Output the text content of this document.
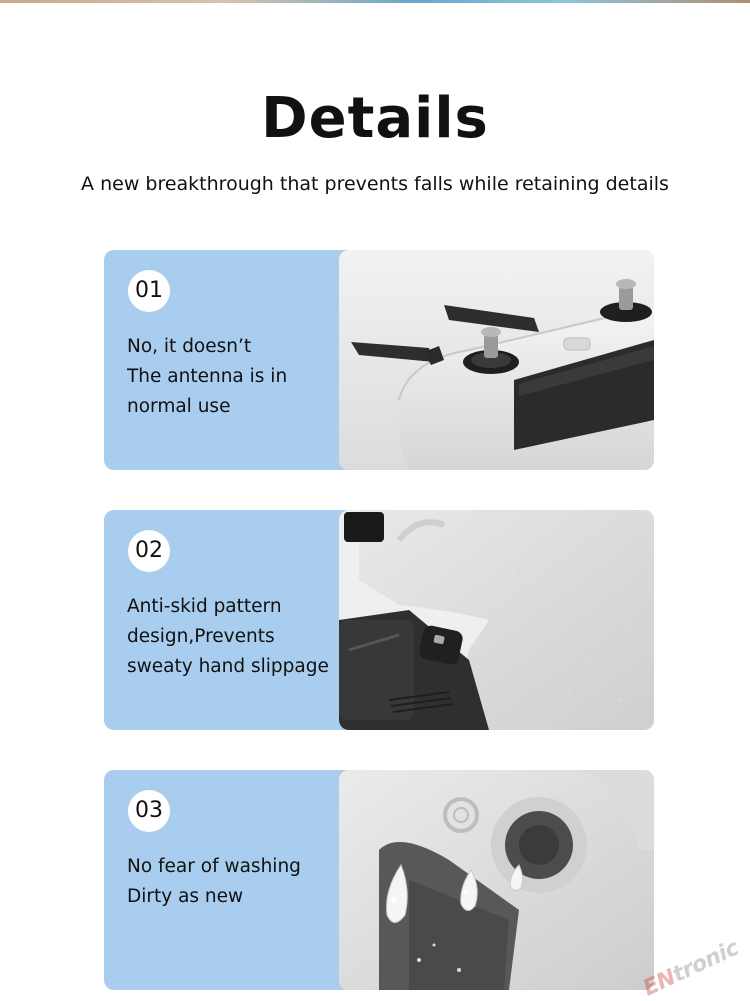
Details
A new breakthrough that prevents falls while retaining details
01
No, it doesn’t
The antenna is in
normal use
02
Anti-skid pattern
design,Prevents
sweaty hand slippage
03
No fear of washing
Dirty as new
ENtronic
